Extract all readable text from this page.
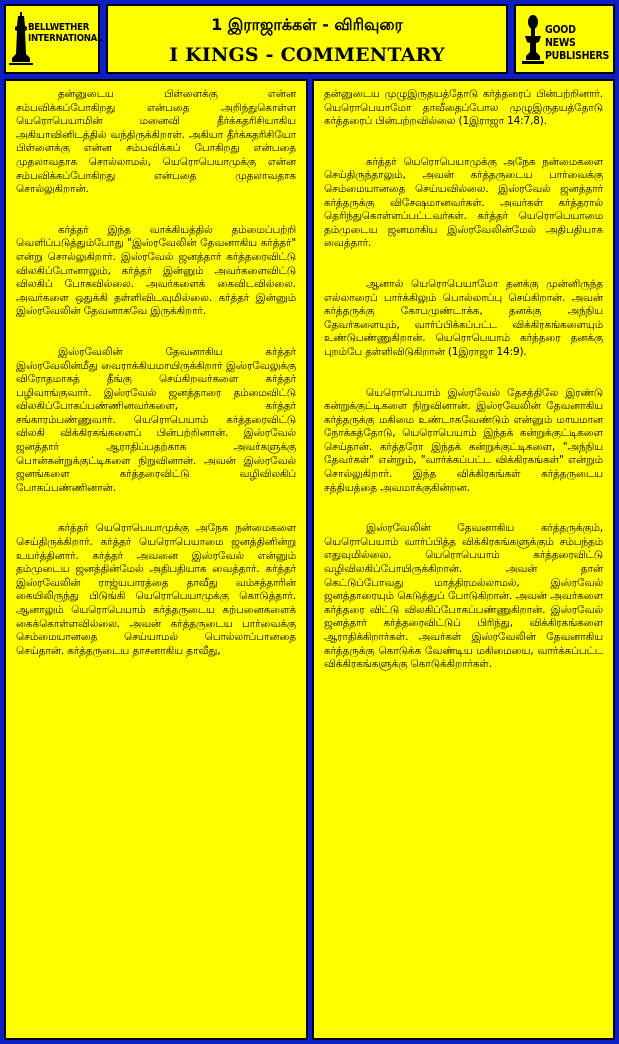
BELLWETHER
INTERNATIONAL
1 இராஜாக்கள் - விரிவுரை
I KINGS - COMMENTARY
GOOD NEWS
PUBLISHERS

தன்னுடைய பிள்ளைக்கு என்ன சம்பவிக்கப்போகிறது என்பதை அறிந்துகொள்ள யெரொபெயாமின் மனைவி தீர்க்கதரிசியாகிய அகியாவினிடத்தில் வந்திருக்கிறாள். அகியா தீர்க்கதரிசியோ பிள்ளைக்கு என்ன சம்பவிக்கப் போகிறது என்பதை முதலாவதாக சொல்லாமல், யெரொபெயாமுக்கு என்ன சம்பவிக்கப்போகிறது என்பதை முதலாவதாக சொல்லுகிறான்.

கர்த்தர் இந்த வாக்கியத்தில் தம்மைப்பற்றி வெளிப்படுத்தும்போது "இஸ்ரவேலின் தேவனாகிய கர்த்தர்" என்று சொல்லுகிறார். இஸ்ரவேல் ஜனத்தார் கர்த்தரைவிட்டு விலகிப்போனாலும், கர்த்தர் இன்னும் அவர்களைவிட்டு விலகிப் போகவில்லை. அவர்களைக் கைவிடவில்லை. அவர்களை ஒதுக்கி தள்ளிவிடவுமில்லை. கர்த்தர் இன்னும் இஸ்ரவேலின் தேவனாகவே இருக்கிறார்.

இஸ்ரவேலின் தேவனாகிய கர்த்தர் இஸ்ரவேலின்மீது வைராக்கியமாயிருக்கிறார் இஸ்ரவேலுக்கு விரோதமாகத் தீங்கு செய்கிறவர்களை கர்த்தர் பழிவாங்குவார். இஸ்ரவேல் ஜனத்தாரை தம்மைவிட்டு விலகிப்போகப்பண்ணினவர்களை, கர்த்தர் சங்காரம்பண்ணுவார். யெரொபெயாம் கர்த்தரைவிட்டு விலகி விக்கிரகங்களைப் பின்பற்றினான். இஸ்ரவேல் ஜனத்தார் ஆராதிப்பதற்காக அவர்களுக்கு பொன்கன்றுக்குட்டிகளை நிறுவினான். அவன் இஸ்ரவேல் ஜனங்களை கர்த்தரைவிட்டு வழிவிலகிப் போகப்பண்ணினான்.

கர்த்தர் யெரொபெயாமுக்கு அநேக நன்மைகளை செய்திருக்கிறார். கர்த்தர் யெரொபெயாமை ஜனத்தினின்று உயர்த்தினார். கர்த்தர் அவனை இஸ்ரவேல் என்னும் தம்முடைய ஜனத்தின்மேல் அதிபதியாக வைத்தார். கர்த்தர் இஸ்ரவேலின் ராஜ்யபாரத்தை தாவீது வம்சத்தாரின் கையிலிருந்து பிடுங்கி யெரொபெயாமுக்கு கொடுத்தார். ஆனாலும் யெரொபெயாம் கர்த்தருடைய கற்பனைகளைக் கைக்கொள்ளவில்லை. அவன் கர்த்தருடைய பார்வைக்கு செம்மையானதை செய்யாமல் பொல்லாப்பானதை செய்தான். கர்த்தருடைய தாசனாகிய தாவீது,

தன்னுடைய முழுஇருதயத்தோடு கர்த்தரைப் பின்பற்றினார். யெரொபெயாமோ தாவீதைப்போல முழுஇருதயத்தோடு கர்த்தரைப் பின்பற்றவில்லை (1இராஜா 14:7,8).

கர்த்தர் யெரொபெயாமுக்கு அநேக நன்மைகளை செய்திருந்தாலும், அவன் கர்த்தருடைய பார்வைக்கு செம்மையானதை செய்யவில்லை. இஸ்ரவேல் ஜனத்தார் கர்த்தருக்கு விசேஷமானவர்கள். அவர்கள் கர்த்தரால் தெரிந்துகொள்ளப்பட்டவர்கள். கர்த்தர் யெரொபெயாமை தம்முடைய ஜனமாகிய இஸ்ரவேலின்மேல் அதிபதியாக வைத்தார்.

ஆனால் யெரொபெயாமோ தனக்கு முன்னிருந்த எல்லாரைப் பார்க்கிலும் பொல்லாப்பு செய்கிறான். அவன் கர்த்தருக்கு கோபமுண்டாக்க, தனக்கு அந்நிய தேவர்களையும், வார்ப்பிக்கப்பட்ட விக்கிரகங்களையும் உண்டுபண்ணுகிறான். யெரொபெயாம் கர்த்தரை தனக்கு புறம்பே தள்ளிவிடுகிறான் (1இராஜா 14:9).

யெரொபெயாம் இஸ்ரவேல் தேசத்திலே இரண்டு கன்றுக்குட்டிகளை நிறுவினான். இஸ்ரவேலின் தேவனாகிய கர்த்தருக்கு மகிமை உண்டாகவேண்டும் என்னும் மாயமான நோக்கத்தோடு, யெரொபெயாம் இந்தக் கன்றுக்குட்டிகளை செய்தான். கர்த்தரோ இந்தக் கன்றுக்குட்டிகளை, "அந்நிய தேவர்கள்" என்றும், "வார்க்கப்பட்ட விக்கிரகங்கள்" என்றும் சொல்லுகிறார். இந்த விக்கிரகங்கள் கர்த்தருடைய சத்தியத்தை அவமாக்குகின்றன.

இஸ்ரவேலின் தேவனாகிய கர்த்தருக்கும், யெரொபெயாம் வார்ப்பித்த விக்கிரகங்களுக்கும் சம்பந்தம் எதுவுமில்லை. யெரொபெயாம் கர்த்தரைவிட்டு வழிவிலகிப்போயிருக்கிறான். அவன் தான் கெட்டுப்போவது மாத்திரமல்லாமல், இஸ்ரவேல் ஜனத்தாரையும் கெடுத்துப் போடுகிறான். அவன் அவர்களை கர்த்தரை விட்டு விலகிப்போகப்பண்ணுகிறான். இஸ்ரவேல் ஜனத்தார் கர்த்தரைவிட்டுப் பிரிந்து, விக்கிரகங்களை ஆராதிக்கிறார்கள். அவர்கள் இஸ்ரவேலின் தேவனாகிய கர்த்தருக்கு கொடுக்க வேண்டிய மகிமையை, வார்க்கப்பட்ட விக்கிரகங்களுக்கு கொடுக்கிறார்கள்.
